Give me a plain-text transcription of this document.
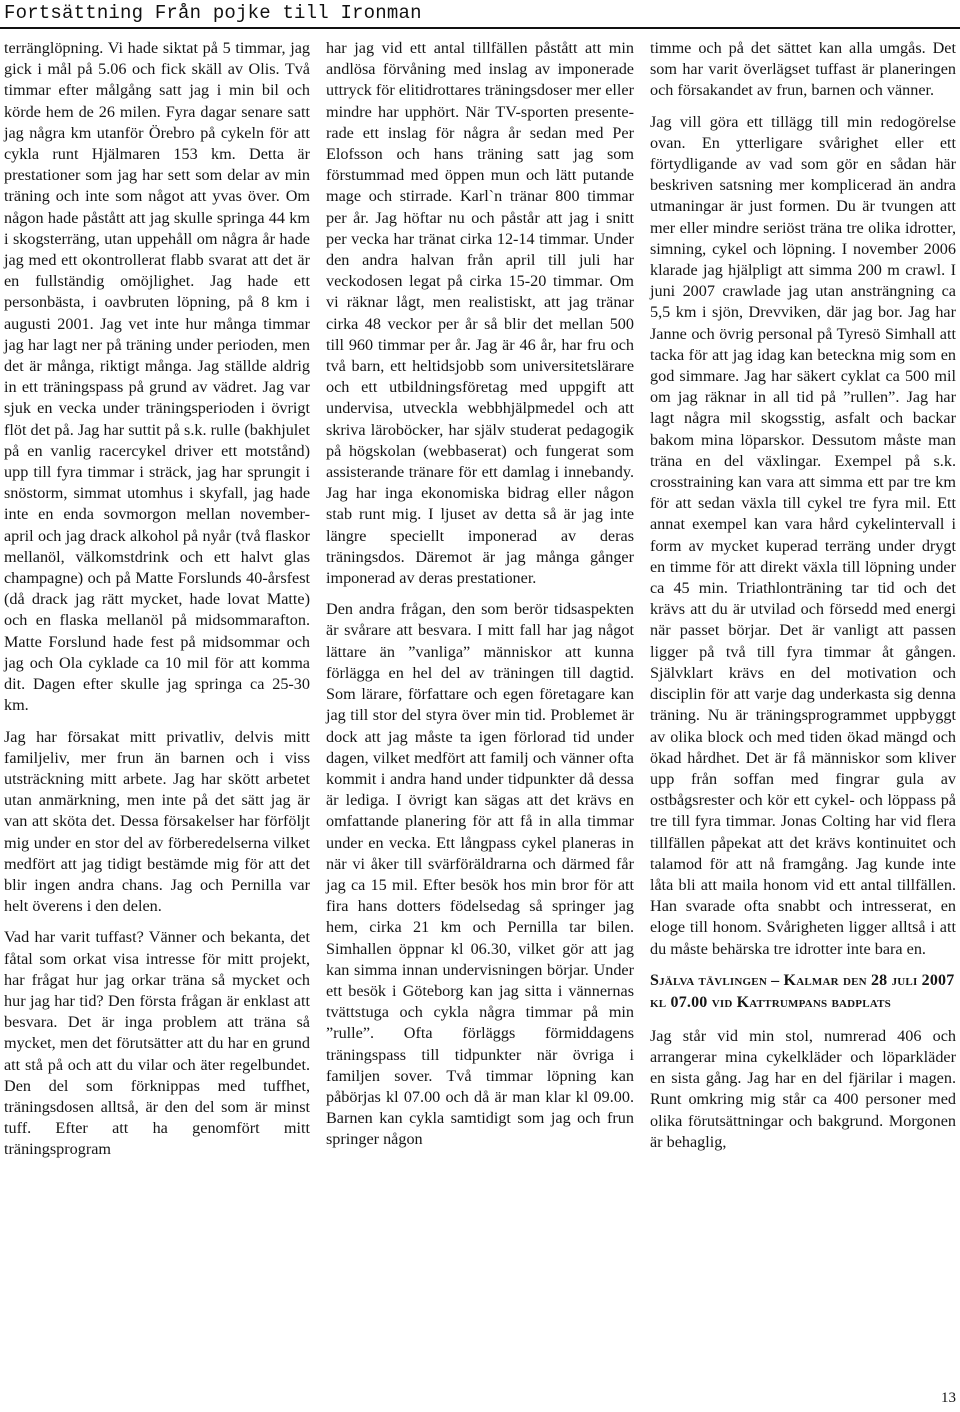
Fortsättning Från pojke till Ironman

terränglöpning. Vi hade siktat på 5 timmar, jag gick i mål på 5.06 och fick skäll av Olis. Två timmar efter målgång satt jag i min bil och körde hem de 26 milen. Fyra dagar senare satt jag några km utanför Örebro på cykeln för att cykla runt Hjälmaren 153 km. Detta är prestationer som jag har sett som delar av min träning och inte som något att yvas över. Om någon hade påstått att jag skulle springa 44 km i skogsterräng, utan uppehåll om några år hade jag med ett okontrollerat flabb svarat att det är en fullständig omöjlighet. Jag hade ett personbästa, i oavbruten löpning, på 8 km i augusti 2001. Jag vet inte hur många timmar jag har lagt ner på träning under perioden, men det är många, riktigt många. Jag ställde aldrig in ett träningspass på grund av vädret. Jag var sjuk en vecka under träningsperioden i övrigt flöt det på. Jag har suttit på s.k. rulle (bakhjulet på en vanlig racercykel driver ett motstånd) upp till fyra timmar i sträck, jag har sprungit i snöstorm, simmat utomhus i skyfall, jag hade inte en enda sovmorgon mellan november-april och jag drack alkohol på nyår (två flaskor mellanöl, välkomstdrink och ett halvt glas champagne) och på Matte Forslunds 40-årsfest (då drack jag rätt mycket, hade lovat Matte) och en flaska mellanöl på midsommarafton. Matte Forslund hade fest på midsommar och jag och Ola cyklade ca 10 mil för att komma dit. Dagen efter skulle jag springa ca 25-30 km.

Jag har försakat mitt privatliv, delvis mitt familjeliv, mer frun än barnen och i viss utsträckning mitt arbete. Jag har skött arbetet utan anmärkning, men inte på det sätt jag är van att sköta det. Dessa försakelser har förföljt mig under en stor del av förberedelserna vilket medfört att jag tidigt bestämde mig för att det blir ingen andra chans. Jag och Pernilla var helt överens i den delen.

Vad har varit tuffast? Vänner och bekanta, det fåtal som orkat visa intresse för mitt projekt, har frågat hur jag orkar träna så mycket och hur jag har tid? Den första frågan är enklast att besvara. Det är inga problem att träna så mycket, men det förutsätter att du har en grund att stå på och att du vilar och äter regelbundet. Den del som förknippas med tuffhet, träningsdosen alltså, är den del som är minst tuff. Efter att ha genomfört mitt träningsprogram

har jag vid ett antal tillfällen påstått att min andlösa förvåning med inslag av imponerade uttryck för elitidrottares träningsdoser mer eller mindre har upphört. När TV-sporten presenterade ett inslag för några år sedan med Per Elofsson och hans träning satt jag som förstummad med öppen mun och lätt putande mage och stirrade. Karl`n tränar 800 timmar per år. Jag höftar nu och påstår att jag i snitt per vecka har tränat cirka 12-14 timmar. Under den andra halvan från april till juli har veckodosen legat på cirka 15-20 timmar. Om vi räknar lågt, men realistiskt, att jag tränar cirka 48 veckor per år så blir det mellan 500 till 960 timmar per år. Jag är 46 år, har fru och två barn, ett heltidsjobb som universitetslärare och ett utbildningsföretag med uppgift att undervisa, utveckla webbhjälpmedel och att skriva läroböcker, har själv studerat pedagogik på högskolan (webbaserat) och fungerat som assisterande tränare för ett damlag i innebandy. Jag har inga ekonomiska bidrag eller någon stab runt mig. I ljuset av detta så är jag inte längre speciellt imponerad av deras träningsdos. Däremot är jag många gånger imponerad av deras prestationer.

Den andra frågan, den som berör tidsaspekten är svårare att besvara. I mitt fall har jag något lättare än ”vanliga” människor att kunna förlägga en hel del av träningen till dagtid. Som lärare, författare och egen företagare kan jag till stor del styra över min tid. Problemet är dock att jag måste ta igen förlorad tid under dagen, vilket medfört att familj och vänner ofta kommit i andra hand under tidpunkter då dessa är lediga. I övrigt kan sägas att det krävs en omfattande planering för att få in alla timmar under en vecka. Ett långpass cykel planeras in när vi åker till svärföräldrarna och därmed får jag ca 15 mil. Efter besök hos min bror för att fira hans dotters födelsedag så springer jag hem, cirka 21 km och Pernilla tar bilen. Simhallen öppnar kl 06.30, vilket gör att jag kan simma innan undervisningen börjar. Under ett besök i Göteborg kan jag sitta i vännernas tvättstuga och cykla några timmar på min ”rulle”. Ofta förläggs förmiddagens träningspass till tidpunkter när övriga i familjen sover. Två timmar löpning kan påbörjas kl 07.00 och då är man klar kl 09.00. Barnen kan cykla samtidigt som jag och frun springer någon

timme och på det sättet kan alla umgås. Det som har varit överlägset tuffast är planeringen och försakandet av frun, barnen och vänner.

Jag vill göra ett tillägg till min redogörelse ovan. En ytterligare svårighet eller ett förtydligande av vad som gör en sådan här beskriven satsning mer komplicerad än andra utmaningar är just formen. Du är tvungen att mer eller mindre seriöst träna tre olika idrotter, simning, cykel och löpning. I november 2006 klarade jag hjälpligt att simma 200 m crawl. I juni 2007 crawlade jag utan ansträngning ca 5,5 km i sjön, Drevviken, där jag bor. Jag har Janne och övrig personal på Tyresö Simhall att tacka för att jag idag kan beteckna mig som en god simmare. Jag har säkert cyklat ca 500 mil om jag räknar in all tid på ”rullen”. Jag har lagt några mil skogsstig, asfalt och backar bakom mina löparskor. Dessutom måste man träna en del växlingar. Exempel på s.k. crosstraining kan vara att simma ett par tre km för att sedan växla till cykel tre fyra mil. Ett annat exempel kan vara hård cykelintervall i form av mycket kuperad terräng under drygt en timme för att direkt växla till löpning under ca 45 min. Triathlonträning tar tid och det krävs att du är utvilad och försedd med energi när passet börjar. Det är vanligt att passen ligger på två till fyra timmar åt gången. Självklart krävs en del motivation och disciplin för att varje dag underkasta sig denna träning. Nu är träningsprogrammet uppbyggt av olika block och med tiden ökad mängd och ökad hårdhet. Det är få människor som kliver upp från soffan med fingrar gula av ostbågsrester och kör ett cykel- och löppass på tre till fyra timmar. Jonas Colting har vid flera tillfällen påpekat att det krävs kontinuitet och talamod för att nå framgång. Jag kunde inte låta bli att maila honom vid ett antal tillfällen. Han svarade ofta snabbt och intresserat, en eloge till honom. Svårigheten ligger alltså i att du måste behärska tre idrotter inte bara en.

Själva tävlingen – Kalmar den 28 juli 2007 kl 07.00 vid Kattrumpans badplats

Jag står vid min stol, numrerad 406 och arrangerar mina cykelkläder och löparkläder en sista gång. Jag har en del fjärilar i magen. Runt omkring mig står ca 400 personer med olika förutsättningar och bakgrund. Morgonen är behaglig,

13
